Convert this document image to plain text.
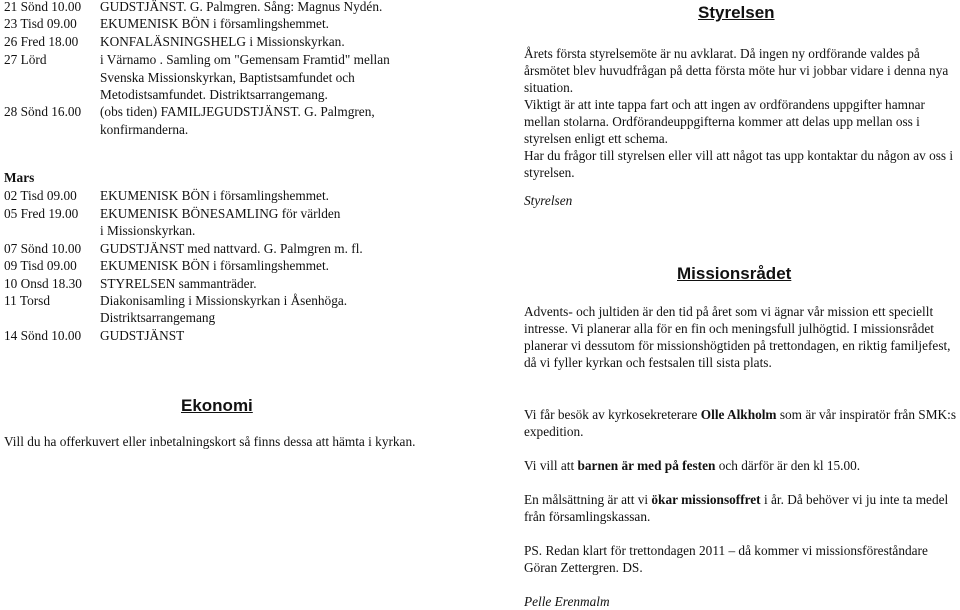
21 Sönd 10.00 GUDSTJÄNST. G. Palmgren. Sång: Magnus Nydén.
23 Tisd 09.00 EKUMENISK BÖN i församlingshemmet.
26 Fred 18.00 KONFALÄSNINGSHELG i Missionskyrkan.
27 Lörd	i Värnamo . Samling om "Gemensam Framtid" mellan
Svenska Missionskyrkan, Baptistsamfundet och
Metodistsamfundet. Distriktsarrangemang.
28 Sönd 16.00 (obs tiden) FAMILJEGUDSTJÄNST. G. Palmgren,
konfirmanderna.
Mars
02 Tisd 09.00 EKUMENISK BÖN i församlingshemmet.
05 Fred 19.00 EKUMENISK BÖNESAMLING för världen
i Missionskyrkan.
07 Sönd 10.00 GUDSTJÄNST med nattvard. G. Palmgren m. fl.
09 Tisd 09.00 EKUMENISK BÖN i församlingshemmet.
10 Onsd 18.30 STYRELSEN sammanträder.
11 Torsd	Diakonisamling i Missionskyrkan i Åsenhöga.
Distriktsarrangemang
14 Sönd 10.00 GUDSTJÄNST
Ekonomi
Vill du ha offerkuvert eller inbetalningskort så finns dessa att hämta i kyrkan.
Styrelsen
Årets första styrelsemöte är nu avklarat. Då ingen ny ordförande valdes på årsmötet blev huvudfrågan på detta första möte hur vi jobbar vidare i denna nya situation.
Viktigt är att inte tappa fart och att ingen av ordförandens uppgifter hamnar mellan stolarna. Ordförandeuppgifterna kommer att delas upp mellan oss i styrelsen enligt ett schema.
Har du frågor till styrelsen eller vill att något tas upp kontaktar du någon av oss i styrelsen.
Styrelsen
Missionsrådet
Advents- och jultiden är den tid på året som vi ägnar vår mission ett speciellt intresse. Vi planerar alla för en fin och meningsfull julhögtid. I missionsrådet planerar vi dessutom för missionshögtiden på trettondagen, en riktig familjefest, då vi fyller kyrkan och festsalen till sista plats.
Vi får besök av kyrkosekreterare Olle Alkholm som är vår inspiratör från SMK:s expedition.
Vi vill att barnen är med på festen och därför är den kl 15.00.
En målsättning är att vi ökar missionsoffret i år. Då behöver vi ju inte ta medel från församlingskassan.
PS. Redan klart för trettondagen 2011 – då kommer vi missionsföreståndare Göran Zettergren. DS.
Pelle Erenmalm
